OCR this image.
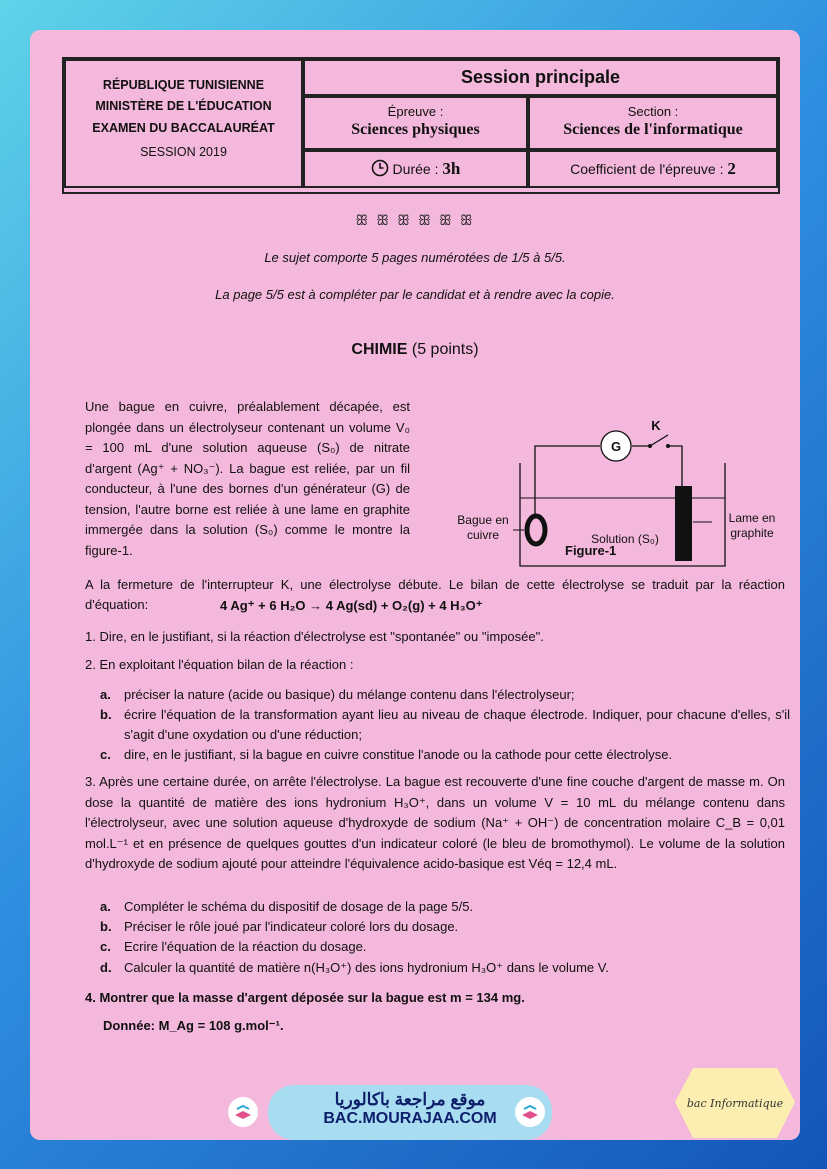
RÉPUBLIQUE TUNISIENNE
MINISTÈRE DE L'ÉDUCATION
EXAMEN DU BACCALAURÉAT
SESSION 2019
Session principale
Épreuve :
Sciences physiques
Section :
Sciences de l'informatique
Durée : 3h	Coefficient de l'épreuve : 2
ꕥ ꕥ ꕥ ꕥ ꕥ ꕥ
Le sujet comporte 5 pages numérotées de 1/5 à 5/5.
La page 5/5 est à compléter par le candidat et à rendre avec la copie.
CHIMIE (5 points)
Une bague en cuivre, préalablement décapée, est plongée dans un électrolyseur contenant un volume V₀ = 100 mL d'une solution aqueuse (S₀) de nitrate d'argent (Ag⁺ + NO₃⁻). La bague est reliée, par un fil conducteur, à l'une des bornes d'un générateur (G) de tension, l'autre borne est reliée à une lame en graphite immergée dans la solution (S₀) comme le montre la figure-1.
G
K
Bague en
cuivre
Lame en
graphite
Solution (S₀)
Figure-1
A la fermeture de l'interrupteur K, une électrolyse débute. Le bilan de cette électrolyse se traduit par la réaction d'équation:	4 Ag⁺ + 6 H₂O → 4 Ag(sd) + O₂(g) + 4 H₃O⁺
1. Dire, en le justifiant, si la réaction d'électrolyse est "spontanée" ou "imposée".
2. En exploitant l'équation bilan de la réaction :
a. préciser la nature (acide ou basique) du mélange contenu dans l'électrolyseur;
b. écrire l'équation de la transformation ayant lieu au niveau de chaque électrode. Indiquer, pour chacune d'elles, s'il s'agit d'une oxydation ou d'une réduction;
c. dire, en le justifiant, si la bague en cuivre constitue l'anode ou la cathode pour cette électrolyse.
3. Après une certaine durée, on arrête l'électrolyse. La bague est recouverte d'une fine couche d'argent de masse m. On dose la quantité de matière des ions hydronium H₃O⁺, dans un volume V = 10 mL du mélange contenu dans l'électrolyseur, avec une solution aqueuse d'hydroxyde de sodium (Na⁺ + OH⁻) de concentration molaire C_B = 0,01 mol.L⁻¹ et en présence de quelques gouttes d'un indicateur coloré (le bleu de bromothymol). Le volume de la solution d'hydroxyde de sodium ajouté pour atteindre l'équivalence acido-basique est Véq = 12,4 mL.
a. Compléter le schéma du dispositif de dosage de la page 5/5.
b. Préciser le rôle joué par l'indicateur coloré lors du dosage.
c. Ecrire l'équation de la réaction du dosage.
d. Calculer la quantité de matière n(H₃O⁺) des ions hydronium H₃O⁺ dans le volume V.
4. Montrer que la masse d'argent déposée sur la bague est m = 134 mg.
Donnée: M_Ag = 108 g.mol⁻¹.
موقع مراجعة باكالوريا
BAC.MOURAJAA.COM
bac Informatique
